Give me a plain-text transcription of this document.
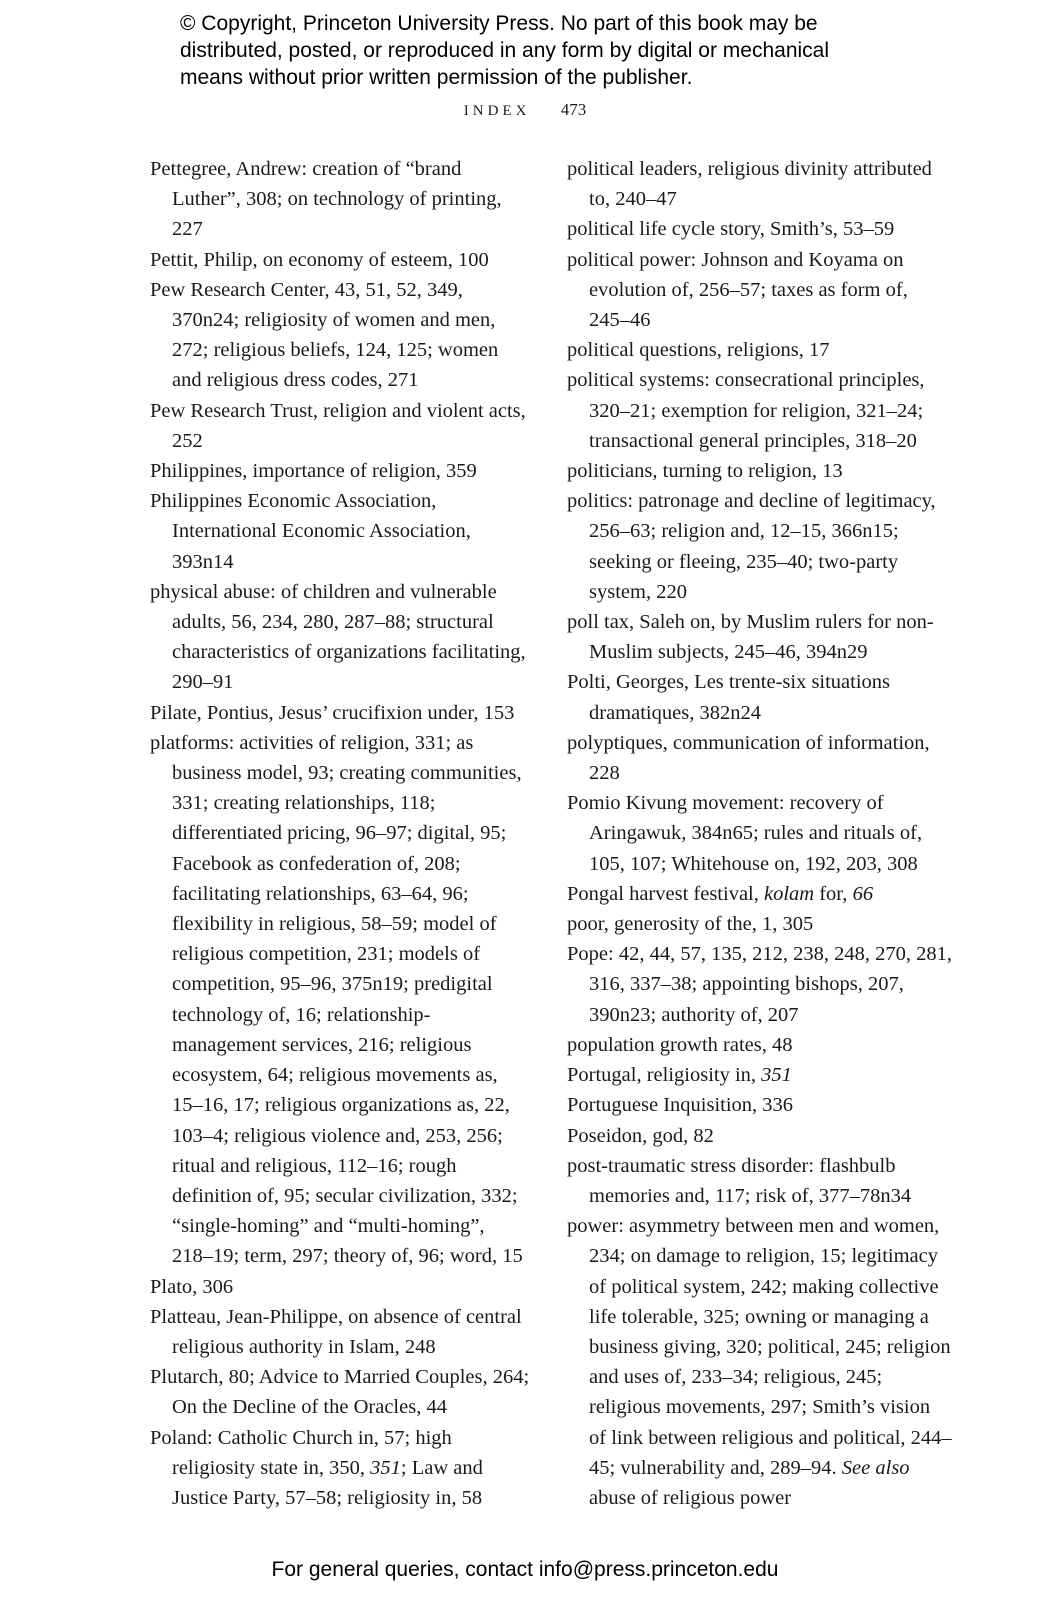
© Copyright, Princeton University Press. No part of this book may be
distributed, posted, or reproduced in any form by digital or mechanical
means without prior written permission of the publisher.
INDEX 473

Pettegree, Andrew: creation of “brand Luther”, 308; on technology of printing, 227

Pettit, Philip, on economy of esteem, 100

Pew Research Center, 43, 51, 52, 349, 370n24; religiosity of women and men, 272; religious beliefs, 124, 125; women and religious dress codes, 271

Pew Research Trust, religion and violent acts, 252

Philippines, importance of religion, 359

Philippines Economic Association, International Economic Association, 393n14

physical abuse: of children and vulnerable adults, 56, 234, 280, 287–88; structural characteristics of organizations facilitating, 290–91

Pilate, Pontius, Jesus’ crucifixion under, 153

platforms: activities of religion, 331; as business model, 93; creating communities, 331; creating relationships, 118; differentiated pricing, 96–97; digital, 95; Facebook as confederation of, 208; facilitating relationships, 63–64, 96; flexibility in religious, 58–59; model of religious competition, 231; models of competition, 95–96, 375n19; predigital technology of, 16; relationship-management services, 216; religious ecosystem, 64; religious movements as, 15–16, 17; religious organizations as, 22, 103–4; religious violence and, 253, 256; ritual and religious, 112–16; rough definition of, 95; secular civilization, 332; “single-homing” and “multi-homing”, 218–19; term, 297; theory of, 96; word, 15

Plato, 306

Platteau, Jean-Philippe, on absence of central religious authority in Islam, 248

Plutarch, 80; Advice to Married Couples, 264; On the Decline of the Oracles, 44

Poland: Catholic Church in, 57; high religiosity state in, 350, 351; Law and Justice Party, 57–58; religiosity in, 58

political leaders, religious divinity attributed to, 240–47

political life cycle story, Smith’s, 53–59

political power: Johnson and Koyama on evolution of, 256–57; taxes as form of, 245–46

political questions, religions, 17

political systems: consecrational principles, 320–21; exemption for religion, 321–24; transactional general principles, 318–20

politicians, turning to religion, 13

politics: patronage and decline of legitimacy, 256–63; religion and, 12–15, 366n15; seeking or fleeing, 235–40; two-party system, 220

poll tax, Saleh on, by Muslim rulers for non-Muslim subjects, 245–46, 394n29

Polti, Georges, Les trente-six situations dramatiques, 382n24

polyptiques, communication of information, 228

Pomio Kivung movement: recovery of Aringawuk, 384n65; rules and rituals of, 105, 107; Whitehouse on, 192, 203, 308

Pongal harvest festival, kolam for, 66

poor, generosity of the, 1, 305

Pope: 42, 44, 57, 135, 212, 238, 248, 270, 281, 316, 337–38; appointing bishops, 207, 390n23; authority of, 207

population growth rates, 48

Portugal, religiosity in, 351

Portuguese Inquisition, 336

Poseidon, god, 82

post-traumatic stress disorder: flashbulb memories and, 117; risk of, 377–78n34

power: asymmetry between men and women, 234; on damage to religion, 15; legitimacy of political system, 242; making collective life tolerable, 325; owning or managing a business giving, 320; political, 245; religion and uses of, 233–34; religious, 245; religious movements, 297; Smith’s vision of link between religious and political, 244–45; vulnerability and, 289–94. See also abuse of religious power

For general queries, contact info@press.princeton.edu
